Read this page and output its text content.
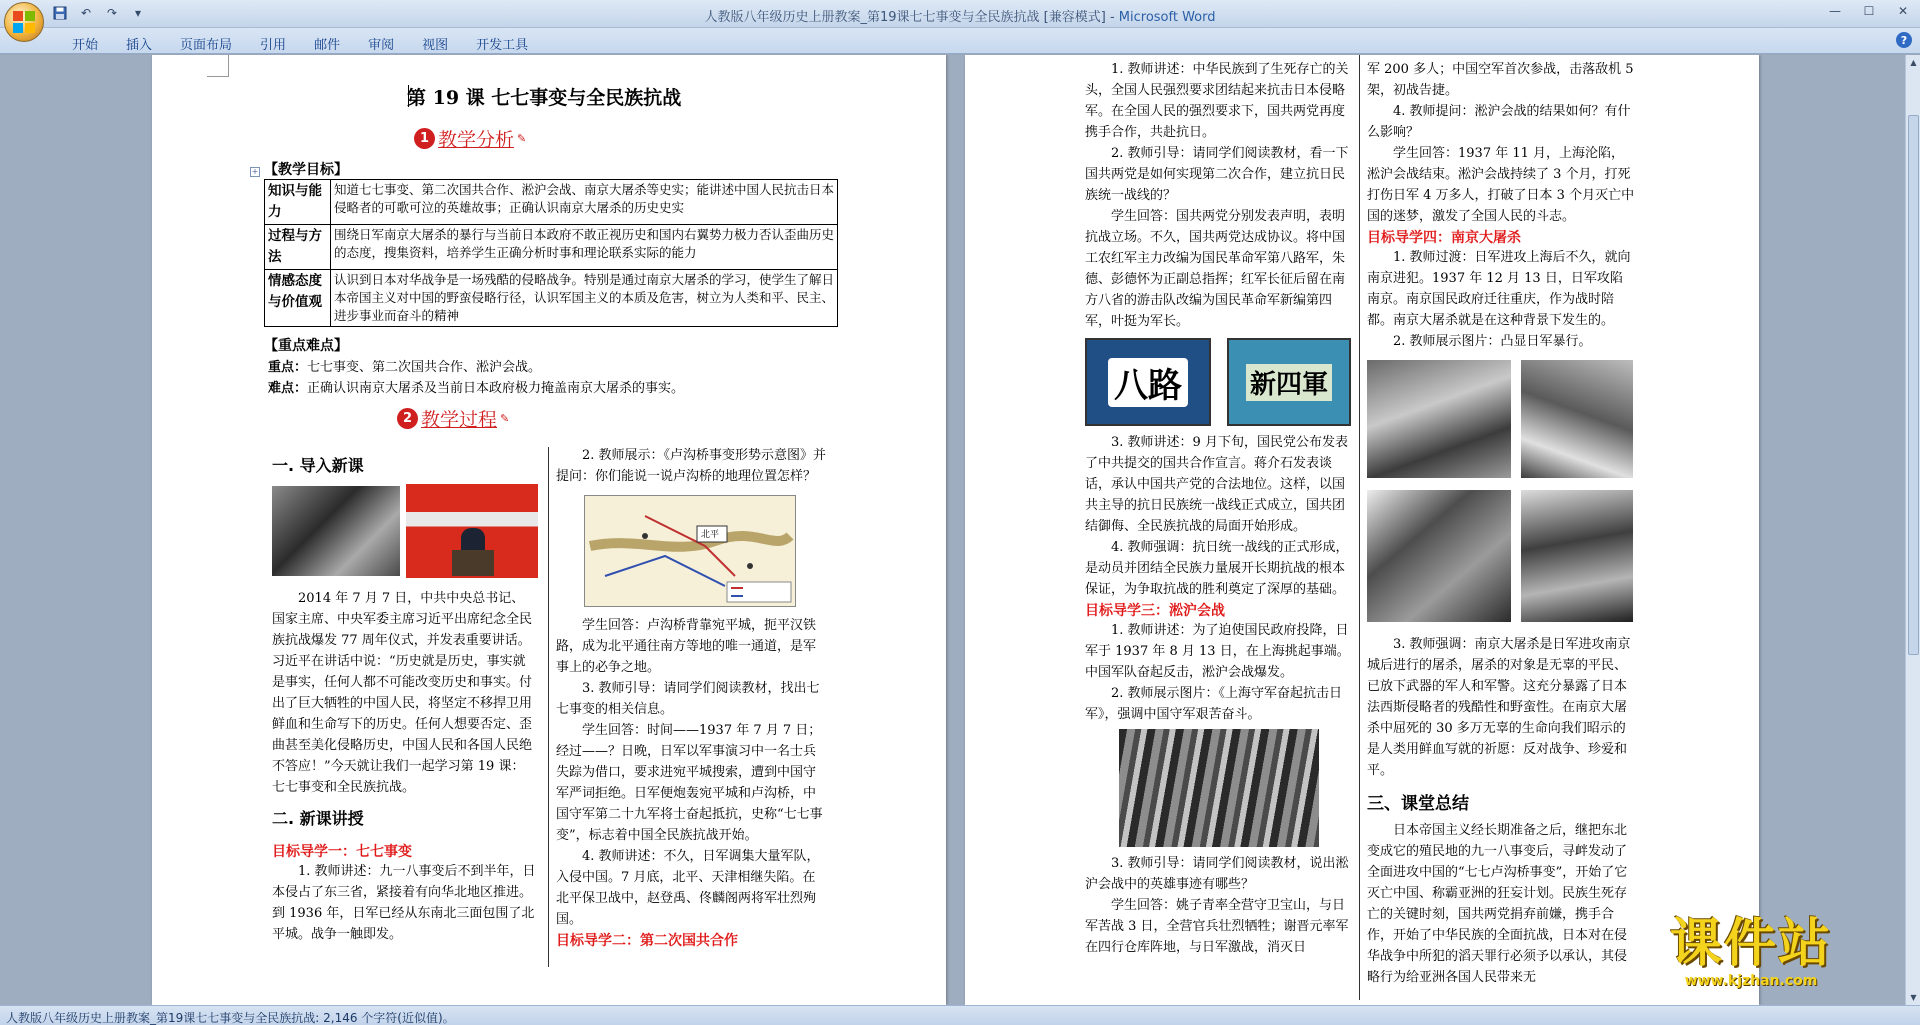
↶	↷	▾	人教版八年级历史上册教案_第19课七七事变与全民族抗战 [兼容模式] - Microsoft Word	—	☐	✕
开始	插入	页面布局	引用	邮件	审阅	视图	开发工具	?
第 19 课 七七事变与全民族抗战
1 教学分析 ✎
【教学目标】
+
知识与能力	知道七七事变、第二次国共合作、淞沪会战、南京大屠杀等史实；能讲述中国人民抗击日本侵略者的可歌可泣的英雄故事；正确认识南京大屠杀的历史史实
过程与方法	围绕日军南京大屠杀的暴行与当前日本政府不敢正视历史和国内右翼势力极力否认歪曲历史的态度，搜集资料，培养学生正确分析时事和理论联系实际的能力
情感态度与价值观	认识到日本对华战争是一场残酷的侵略战争。特别是通过南京大屠杀的学习，使学生了解日本帝国主义对中国的野蛮侵略行径，认识军国主义的本质及危害，树立为人类和平、民主、进步事业而奋斗的精神
【重点难点】
重点：七七事变、第二次国共合作、淞沪会战。
难点：正确认识南京大屠杀及当前日本政府极力掩盖南京大屠杀的事实。
2 教学过程 ✎
一. 导入新课
2014 年 7 月 7 日，中共中央总书记、国家主席、中央军委主席习近平出席纪念全民族抗战爆发 77 周年仪式，并发表重要讲话。习近平在讲话中说：“历史就是历史，事实就是事实，任何人都不可能改变历史和事实。付出了巨大牺牲的中国人民，将坚定不移捍卫用鲜血和生命写下的历史。任何人想要否定、歪曲甚至美化侵略历史，中国人民和各国人民绝不答应！”今天就让我们一起学习第 19 课：七七事变和全民族抗战。
二. 新课讲授
目标导学一：七七事变
1. 教师讲述：九一八事变后不到半年，日本侵占了东三省，紧接着有向华北地区推进。到 1936 年，日军已经从东南北三面包围了北平城。战争一触即发。
2. 教师展示：《卢沟桥事变形势示意图》并提问：你们能说一说卢沟桥的地理位置怎样？
北平
学生回答：卢沟桥背靠宛平城，扼平汉铁路，成为北平通往南方等地的唯一通道，是军事上的必争之地。
3. 教师引导：请同学们阅读教材，找出七七事变的相关信息。
学生回答：时间——1937 年 7 月 7 日；经过——？日晚，日军以军事演习中一名士兵失踪为借口，要求进宛平城搜索，遭到中国守军严词拒绝。日军便炮轰宛平城和卢沟桥，中国守军第二十九军将士奋起抵抗，史称“七七事变”，标志着中国全民族抗战开始。
4. 教师讲述：不久，日军调集大量军队，入侵中国。7 月底，北平、天津相继失陷。在北平保卫战中，赵登禹、佟麟阁两将军壮烈殉国。
目标导学二：第二次国共合作
1. 教师讲述：中华民族到了生死存亡的关头，全国人民强烈要求团结起来抗击日本侵略军。在全国人民的强烈要求下，国共两党再度携手合作，共赴抗日。
2. 教师引导：请同学们阅读教材，看一下国共两党是如何实现第二次合作，建立抗日民族统一战线的？
学生回答：国共两党分别发表声明，表明抗战立场。不久，国共两党达成协议。将中国工农红军主力改编为国民革命军第八路军，朱德、彭德怀为正副总指挥；红军长征后留在南方八省的游击队改编为国民革命军新编第四军，叶挺为军长。
八路	新四軍
3. 教师讲述：9 月下旬，国民党公布发表了中共提交的国共合作宣言。蒋介石发表谈话，承认中国共产党的合法地位。这样，以国共主导的抗日民族统一战线正式成立，国共团结御侮、全民族抗战的局面开始形成。
4. 教师强调：抗日统一战线的正式形成，是动员并团结全民族力量展开长期抗战的根本保证，为争取抗战的胜利奠定了深厚的基础。
目标导学三：淞沪会战
1. 教师讲述：为了迫使国民政府投降，日军于 1937 年 8 月 13 日，在上海挑起事端。中国军队奋起反击，淞沪会战爆发。
2. 教师展示图片：《上海守军奋起抗击日军》，强调中国守军艰苦奋斗。
3. 教师引导：请同学们阅读教材，说出淞沪会战中的英雄事迹有哪些？
学生回答：姚子青率全营守卫宝山，与日军苦战 3 日，全营官兵壮烈牺牲；谢晋元率军在四行仓库阵地，与日军激战，消灭日
军 200 多人；中国空军首次参战，击落敌机 5 架，初战告捷。
4. 教师提问：淞沪会战的结果如何？有什么影响？
学生回答：1937 年 11 月，上海沦陷，淞沪会战结束。淞沪会战持续了 3 个月，打死打伤日军 4 万多人，打破了日本 3 个月灭亡中国的迷梦，激发了全国人民的斗志。
目标导学四：南京大屠杀
1. 教师过渡：日军进攻上海后不久，就向南京进犯。1937 年 12 月 13 日，日军攻陷南京。南京国民政府迁往重庆，作为战时陪都。南京大屠杀就是在这种背景下发生的。
2. 教师展示图片：凸显日军暴行。
3. 教师强调：南京大屠杀是日军进攻南京城后进行的屠杀，屠杀的对象是无辜的平民、已放下武器的军人和军警。这充分暴露了日本法西斯侵略者的残酷性和野蛮性。在南京大屠杀中屈死的 30 多万无辜的生命向我们昭示的是人类用鲜血写就的祈愿：反对战争、珍爱和平。
三、课堂总结
日本帝国主义经长期准备之后，继把东北变成它的殖民地的九一八事变后，寻衅发动了全面进攻中国的“七七卢沟桥事变”，开始了它灭亡中国、称霸亚洲的狂妄计划。民族生死存亡的关键时刻，国共两党捐弃前嫌，携手合作，开始了中华民族的全面抗战，日本对在侵华战争中所犯的滔天罪行必须予以承认，其侵略行为给亚洲各国人民带来无
▲
▼
人教版八年级历史上册教案_第19课七七事变与全民族抗战: 2,146 个字符(近似值)。
课件站
www.kjzhan.com
